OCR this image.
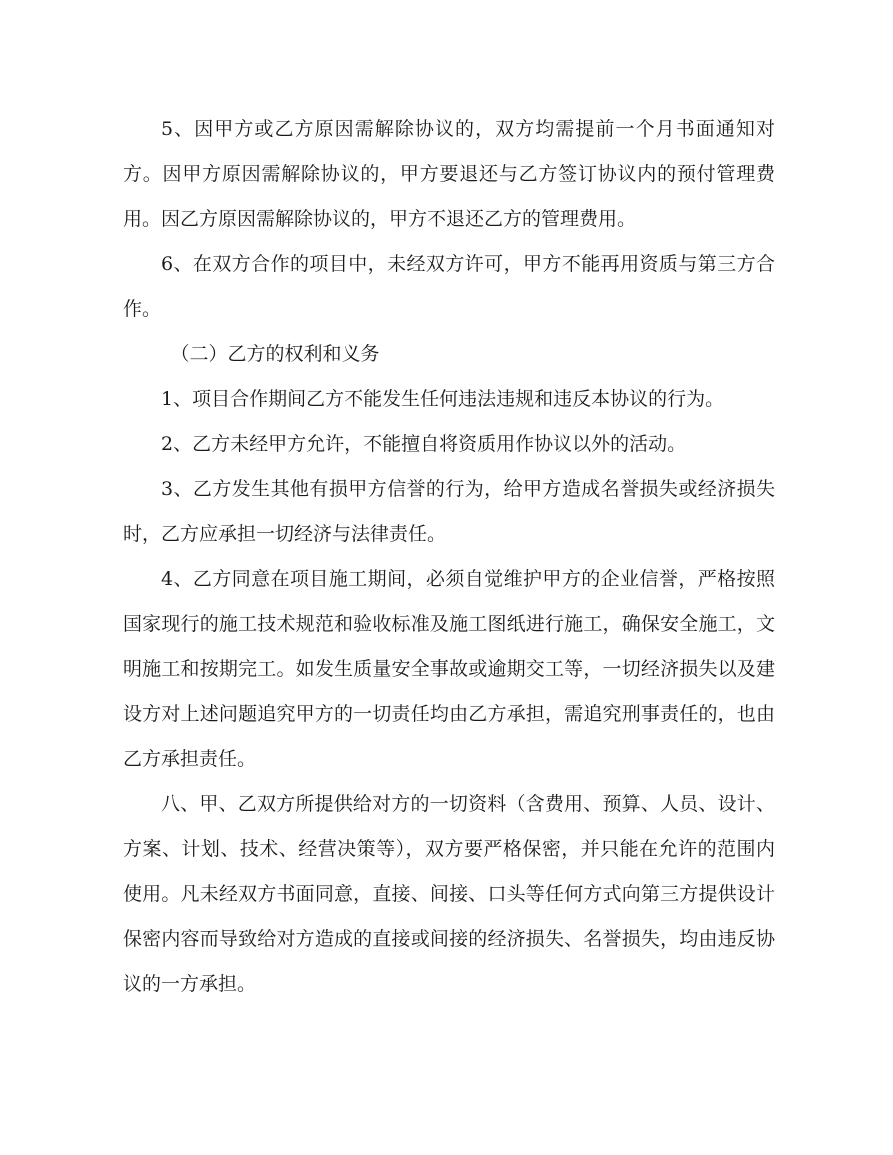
5、因甲方或乙方原因需解除协议的，双方均需提前一个月书面通知对方。因甲方原因需解除协议的，甲方要退还与乙方签订协议内的预付管理费用。因乙方原因需解除协议的，甲方不退还乙方的管理费用。

6、在双方合作的项目中，未经双方许可，甲方不能再用资质与第三方合作。

（二）乙方的权利和义务

1、项目合作期间乙方不能发生任何违法违规和违反本协议的行为。

2、乙方未经甲方允许，不能擅自将资质用作协议以外的活动。

3、乙方发生其他有损甲方信誉的行为，给甲方造成名誉损失或经济损失时，乙方应承担一切经济与法律责任。

4、乙方同意在项目施工期间，必须自觉维护甲方的企业信誉，严格按照国家现行的施工技术规范和验收标准及施工图纸进行施工，确保安全施工，文明施工和按期完工。如发生质量安全事故或逾期交工等，一切经济损失以及建设方对上述问题追究甲方的一切责任均由乙方承担，需追究刑事责任的，也由乙方承担责任。

八、甲、乙双方所提供给对方的一切资料（含费用、预算、人员、设计、方案、计划、技术、经营决策等），双方要严格保密，并只能在允许的范围内使用。凡未经双方书面同意，直接、间接、口头等任何方式向第三方提供设计保密内容而导致给对方造成的直接或间接的经济损失、名誉损失，均由违反协议的一方承担。
